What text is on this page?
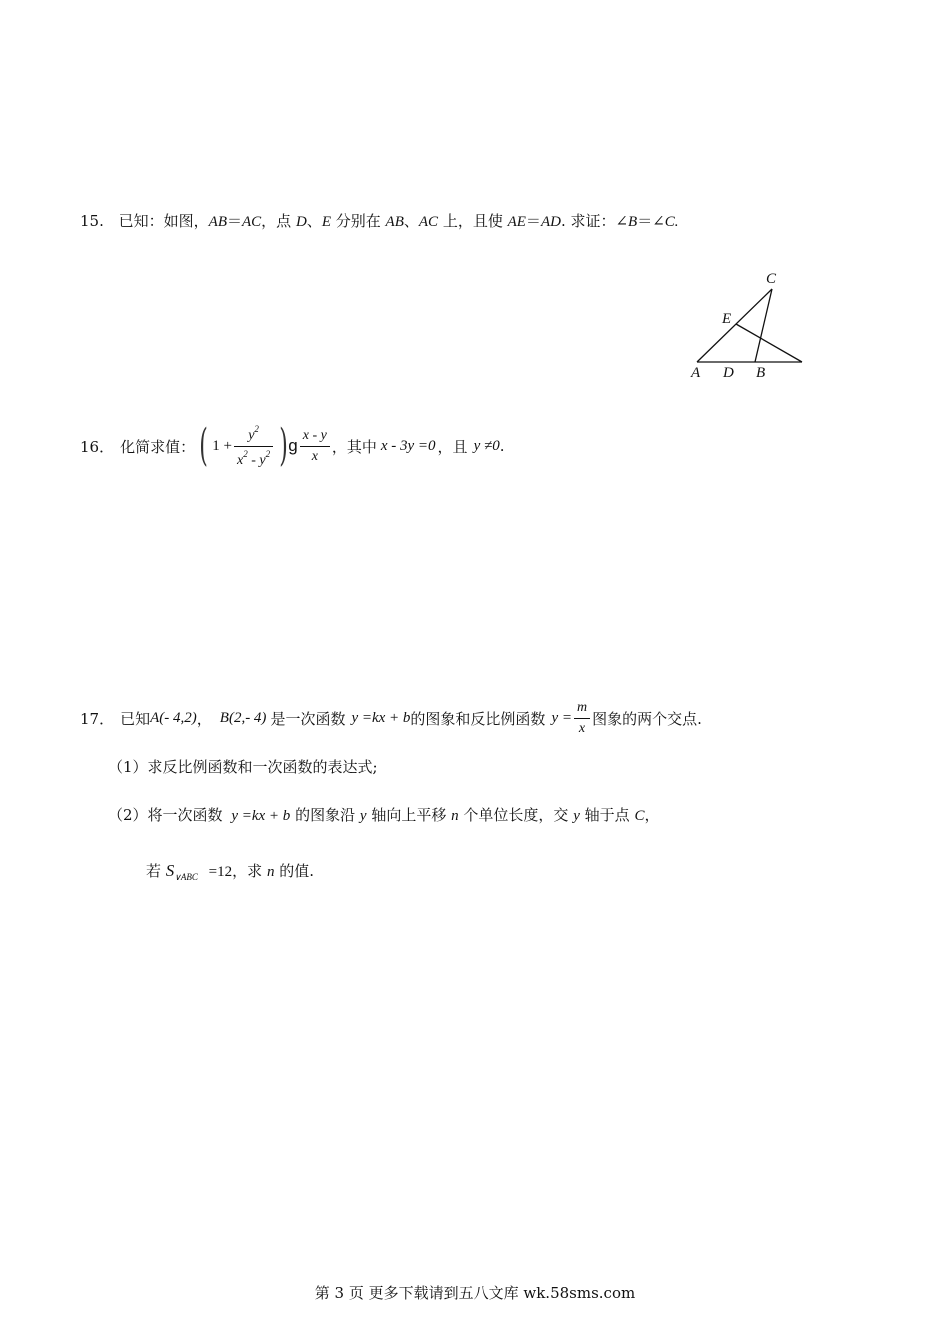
15. 已知：如图，AB＝AC，点 D、E 分别在 AB、AC 上，且使 AE＝AD. 求证：∠B＝∠C.
C
E
A D B
16． 化简求值： ( $1 + \frac{y^2}{x^2 - y^2}$ ) g $\frac{x - y}{x}$ ，其中 x - 3y =0 ，且 y ≠0 .
17． 已知 A(- 4,2) ， B(2,- 4) 是一次函数 y =kx + b 的图象和反比例函数 $y = \frac{m}{x}$ 图象的两个交点.
（1）求反比例函数和一次函数的表达式;
（2）将一次函数 y =kx + b 的图象沿 y 轴向上平移 n 个单位长度，交 y 轴于点 C，
若 $S_{\vee ABC} =12$，求 n 的值.
第 3 页 更多下载请到五八文库 wk.58sms.com
